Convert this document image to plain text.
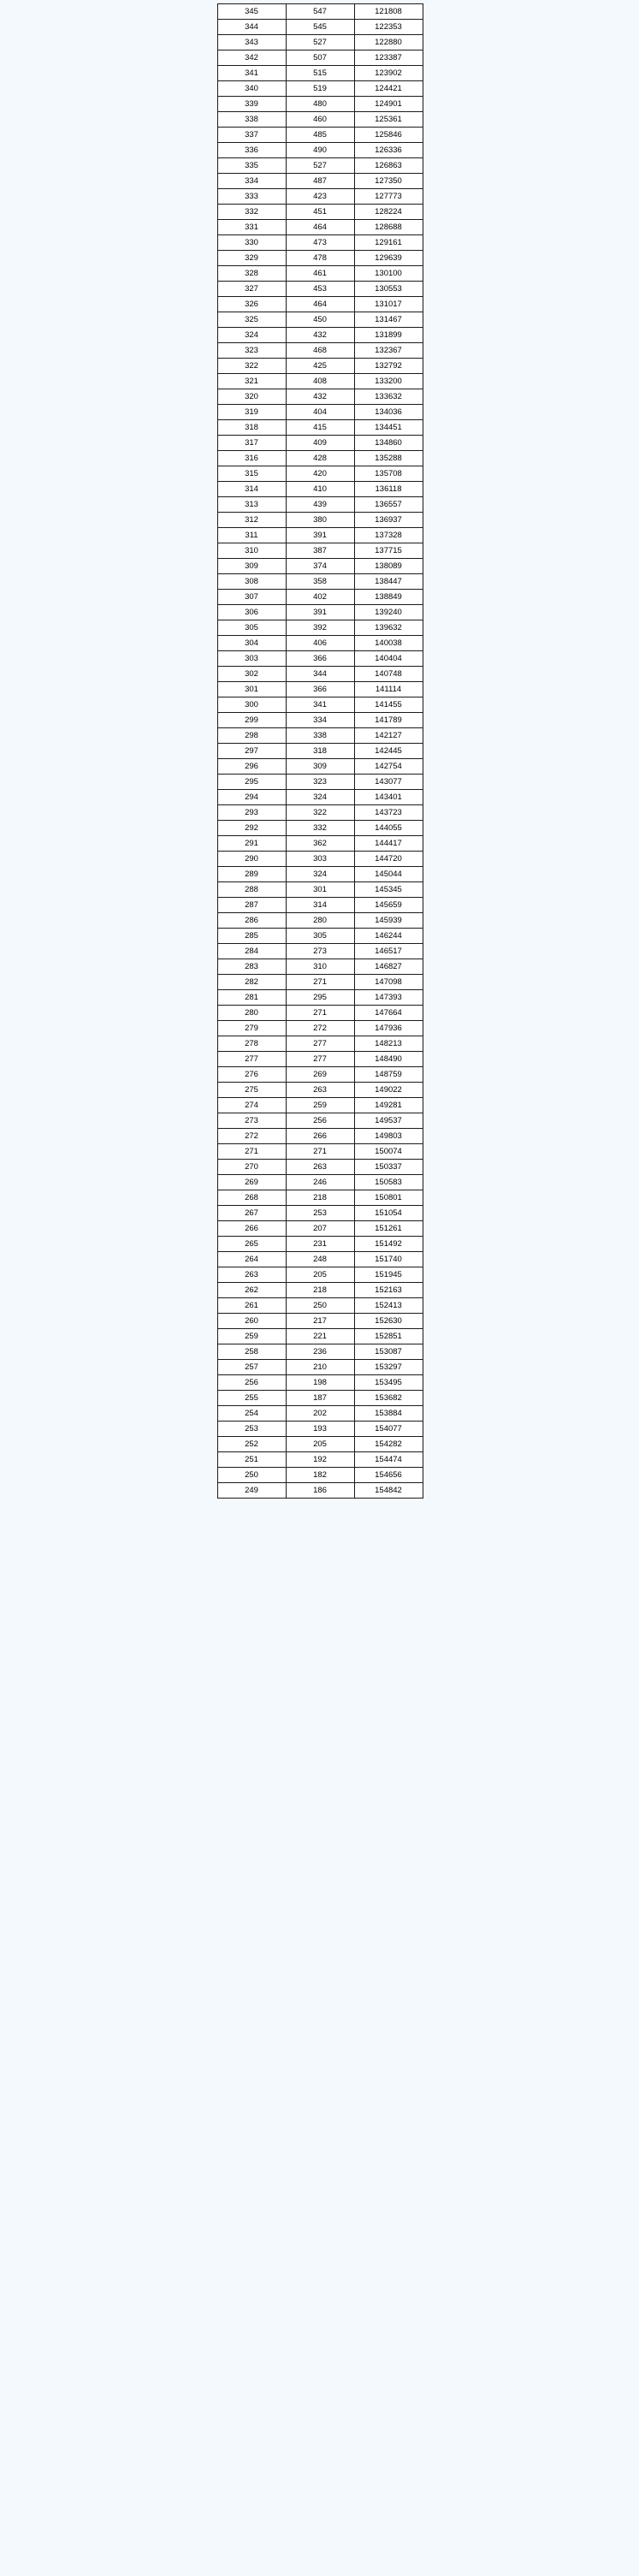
345	547	121808
344	545	122353
343	527	122880
342	507	123387
341	515	123902
340	519	124421
339	480	124901
338	460	125361
337	485	125846
336	490	126336
335	527	126863
334	487	127350
333	423	127773
332	451	128224
331	464	128688
330	473	129161
329	478	129639
328	461	130100
327	453	130553
326	464	131017
325	450	131467
324	432	131899
323	468	132367
322	425	132792
321	408	133200
320	432	133632
319	404	134036
318	415	134451
317	409	134860
316	428	135288
315	420	135708
314	410	136118
313	439	136557
312	380	136937
311	391	137328
310	387	137715
309	374	138089
308	358	138447
307	402	138849
306	391	139240
305	392	139632
304	406	140038
303	366	140404
302	344	140748
301	366	141114
300	341	141455
299	334	141789
298	338	142127
297	318	142445
296	309	142754
295	323	143077
294	324	143401
293	322	143723
292	332	144055
291	362	144417
290	303	144720
289	324	145044
288	301	145345
287	314	145659
286	280	145939
285	305	146244
284	273	146517
283	310	146827
282	271	147098
281	295	147393
280	271	147664
279	272	147936
278	277	148213
277	277	148490
276	269	148759
275	263	149022
274	259	149281
273	256	149537
272	266	149803
271	271	150074
270	263	150337
269	246	150583
268	218	150801
267	253	151054
266	207	151261
265	231	151492
264	248	151740
263	205	151945
262	218	152163
261	250	152413
260	217	152630
259	221	152851
258	236	153087
257	210	153297
256	198	153495
255	187	153682
254	202	153884
253	193	154077
252	205	154282
251	192	154474
250	182	154656
249	186	154842
